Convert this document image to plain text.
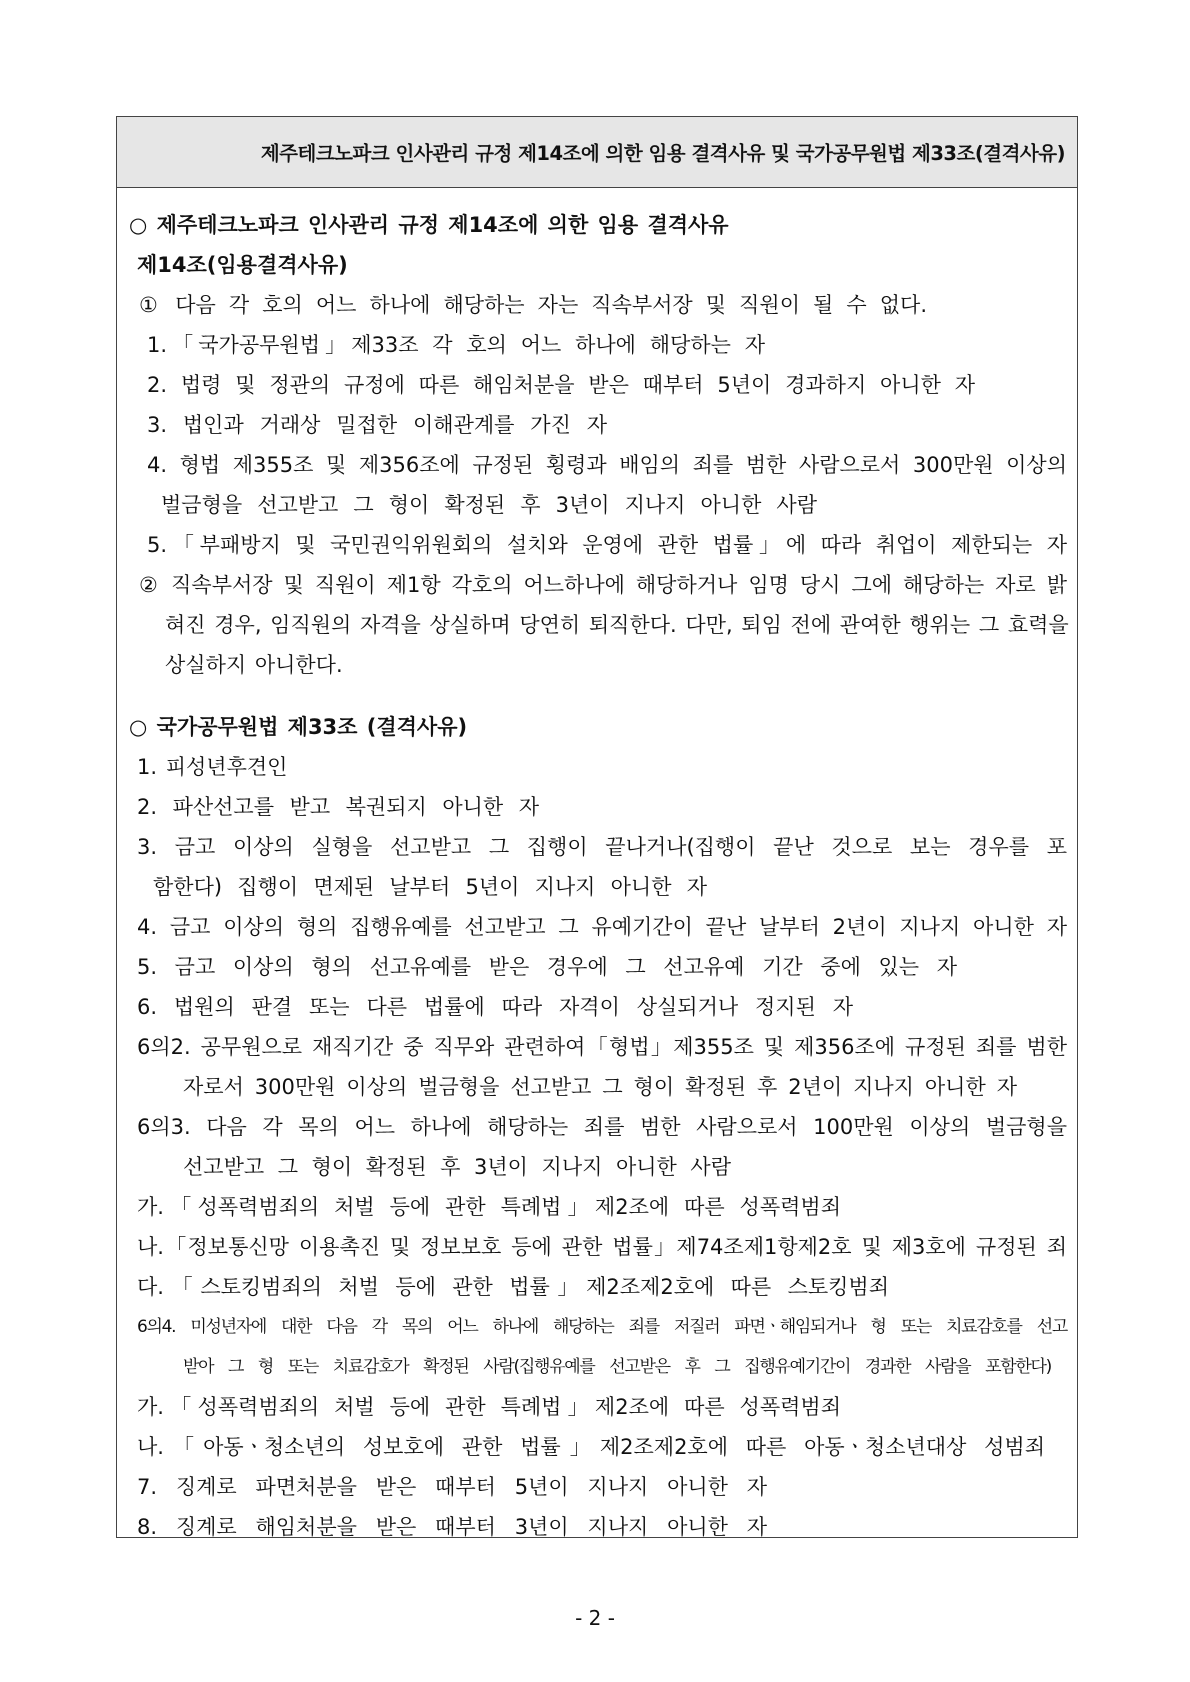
제주테크노파크 인사관리 규정 제14조에 의한 임용 결격사유 및 국가공무원법 제33조(결격사유)
○ 제주테크노파크 인사관리 규정 제14조에 의한 임용 결격사유
제14조(임용결격사유)
① 다음 각 호의 어느 하나에 해당하는 자는 직속부서장 및 직원이 될 수 없다.
1.「국가공무원법」제33조 각 호의 어느 하나에 해당하는 자
2. 법령 및 정관의 규정에 따른 해임처분을 받은 때부터 5년이 경과하지 아니한 자
3. 법인과 거래상 밀접한 이해관계를 가진 자
4. 형법 제355조 및 제356조에 규정된 횡령과 배임의 죄를 범한 사람으로서 300만원 이상의
벌금형을 선고받고 그 형이 확정된 후 3년이 지나지 아니한 사람
5.「부패방지 및 국민권익위원회의 설치와 운영에 관한 법률」에 따라 취업이 제한되는 자
② 직속부서장 및 직원이 제1항 각호의 어느하나에 해당하거나 임명 당시 그에 해당하는 자로 밝
혀진 경우, 임직원의 자격을 상실하며 당연히 퇴직한다. 다만, 퇴임 전에 관여한 행위는 그 효력을
상실하지 아니한다.
○ 국가공무원법 제33조 (결격사유)
1. 피성년후견인
2. 파산선고를 받고 복권되지 아니한 자
3. 금고 이상의 실형을 선고받고 그 집행이 끝나거나(집행이 끝난 것으로 보는 경우를 포
함한다) 집행이 면제된 날부터 5년이 지나지 아니한 자
4. 금고 이상의 형의 집행유예를 선고받고 그 유예기간이 끝난 날부터 2년이 지나지 아니한 자
5. 금고 이상의 형의 선고유예를 받은 경우에 그 선고유예 기간 중에 있는 자
6. 법원의 판결 또는 다른 법률에 따라 자격이 상실되거나 정지된 자
6의2. 공무원으로 재직기간 중 직무와 관련하여「형법」제355조 및 제356조에 규정된 죄를 범한
자로서 300만원 이상의 벌금형을 선고받고 그 형이 확정된 후 2년이 지나지 아니한 자
6의3. 다음 각 목의 어느 하나에 해당하는 죄를 범한 사람으로서 100만원 이상의 벌금형을
선고받고 그 형이 확정된 후 3년이 지나지 아니한 사람
가.「성폭력범죄의 처벌 등에 관한 특례법」제2조에 따른 성폭력범죄
나.「정보통신망 이용촉진 및 정보보호 등에 관한 법률」제74조제1항제2호 및 제3호에 규정된 죄
다.「스토킹범죄의 처벌 등에 관한 법률」제2조제2호에 따른 스토킹범죄
6의4. 미성년자에 대한 다음 각 목의 어느 하나에 해당하는 죄를 저질러 파면ㆍ해임되거나 형 또는 치료감호를 선고
받아 그 형 또는 치료감호가 확정된 사람(집행유예를 선고받은 후 그 집행유예기간이 경과한 사람을 포함한다)
가.「성폭력범죄의 처벌 등에 관한 특례법」제2조에 따른 성폭력범죄
나.「아동ㆍ청소년의 성보호에 관한 법률」제2조제2호에 따른 아동ㆍ청소년대상 성범죄
7. 징계로 파면처분을 받은 때부터 5년이 지나지 아니한 자
8. 징계로 해임처분을 받은 때부터 3년이 지나지 아니한 자
- 2 -
